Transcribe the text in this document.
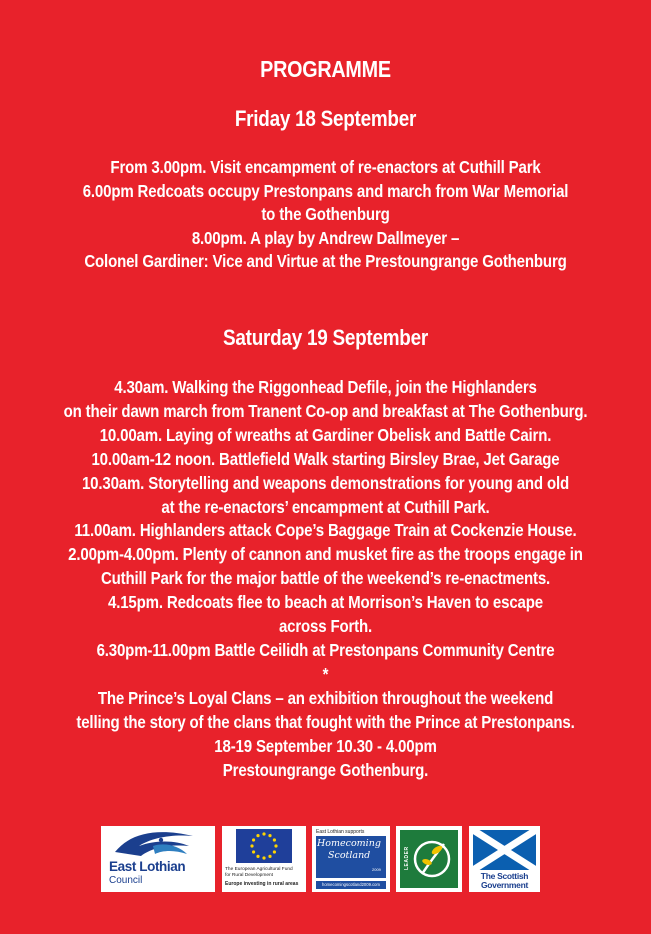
PROGRAMME
Friday 18 September
From 3.00pm. Visit encampment of re-enactors at Cuthill Park
6.00pm Redcoats occupy Prestonpans and march from War Memorial
to the Gothenburg
8.00pm. A play by Andrew Dallmeyer –
Colonel Gardiner: Vice and Virtue at the Prestoungrange Gothenburg
Saturday 19 September
4.30am. Walking the Riggonhead Defile, join the Highlanders
on their dawn march from Tranent Co-op and breakfast at The Gothenburg.
10.00am. Laying of wreaths at Gardiner Obelisk and Battle Cairn.
10.00am-12 noon. Battlefield Walk starting Birsley Brae, Jet Garage
10.30am. Storytelling and weapons demonstrations for young and old
at the re-enactors’ encampment at Cuthill Park.
11.00am. Highlanders attack Cope’s Baggage Train at Cockenzie House.
2.00pm-4.00pm. Plenty of cannon and musket fire as the troops engage in
Cuthill Park for the major battle of the weekend’s re-enactments.
4.15pm. Redcoats flee to beach at Morrison’s Haven to escape
across Forth.
6.30pm-11.00pm Battle Ceilidh at Prestonpans Community Centre
*
The Prince’s Loyal Clans – an exhibition throughout the weekend
telling the story of the clans that fought with the Prince at Prestonpans.
18-19 September 10.30 - 4.00pm
Prestoungrange Gothenburg.
East Lothian
Council
The European Agricultural Fund
for Rural Development
Europe investing in rural areas
East Lothian supports
Homecoming
Scotland
2009
homecomingscotland2009.com
LEADER
The Scottish
Government
